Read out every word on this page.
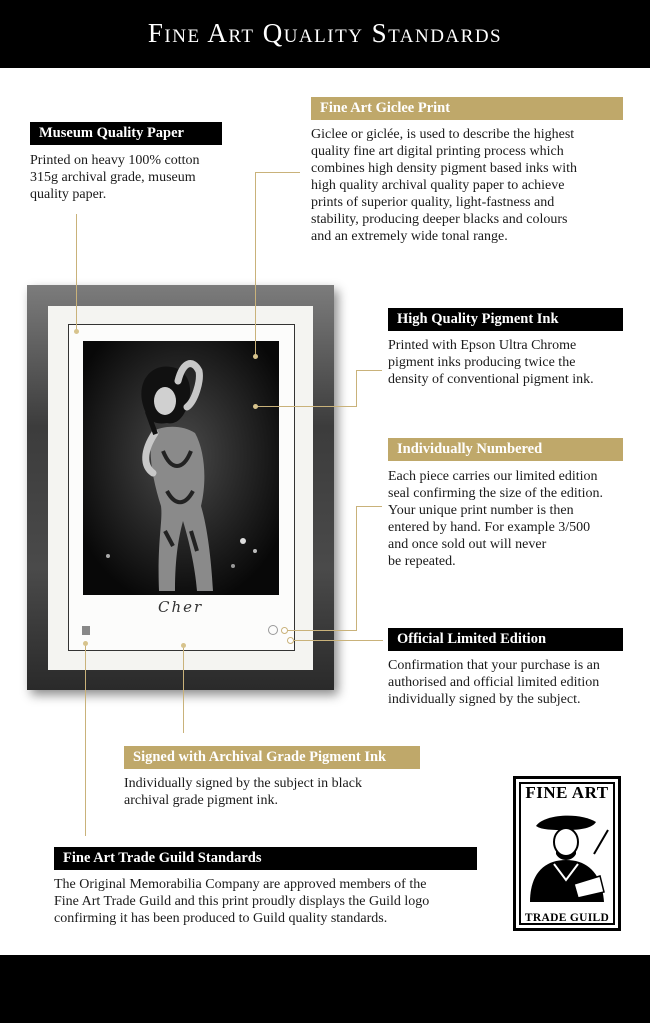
Fine Art Quality Standards
Cher
Museum Quality Paper
Printed on heavy 100% cotton
315g archival grade, museum
quality paper.
Fine Art Giclee Print
Giclee or giclée, is used to describe the highest
quality fine art digital printing process which
combines high density pigment based inks with
high quality archival quality paper to achieve
prints of superior quality, light-fastness and
stability, producing deeper blacks and colours
and an extremely wide tonal range.
High Quality Pigment Ink
Printed with Epson Ultra Chrome
pigment inks producing twice the
density of conventional pigment ink.
Individually Numbered
Each piece carries our limited edition
seal confirming the size of the edition.
Your unique print number is then
entered by hand. For example 3/500
and once sold out will never
be repeated.
Official Limited Edition
Confirmation that your purchase is an
authorised and official limited edition
individually signed by the subject.
Signed with Archival Grade Pigment Ink
Individually signed by the subject in black
archival grade pigment ink.
Fine Art Trade Guild Standards
The Original Memorabilia Company are approved members of the
Fine Art Trade Guild and this print proudly displays the Guild logo
confirming it has been produced to Guild quality standards.
FINE ART
TRADE GUILD
